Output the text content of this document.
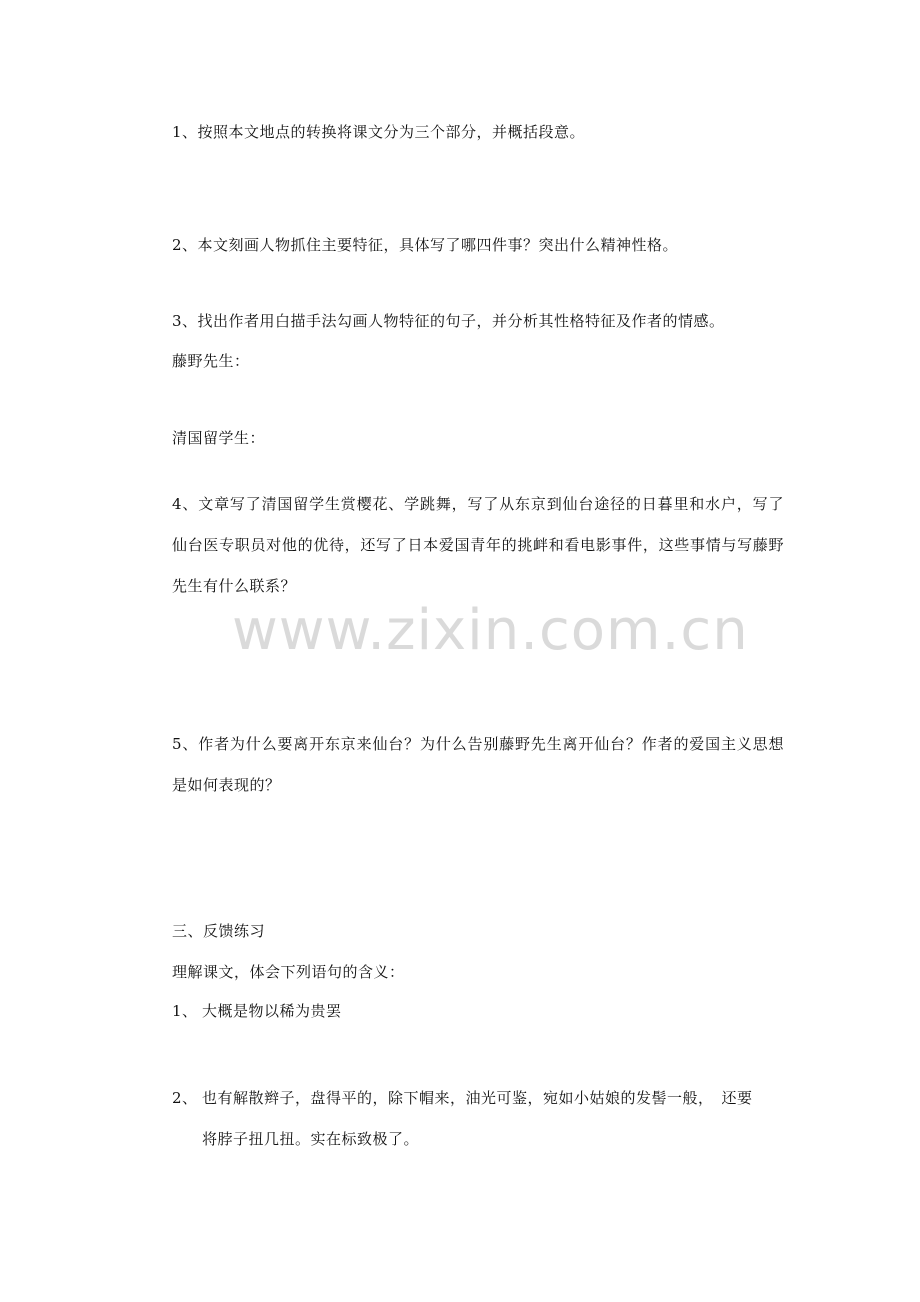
1、按照本文地点的转换将课文分为三个部分，并概括段意。
2、本文刻画人物抓住主要特征，具体写了哪四件事？突出什么精神性格。
3、找出作者用白描手法勾画人物特征的句子，并分析其性格特征及作者的情感。
藤野先生：
清国留学生：
4、文章写了清国留学生赏樱花、学跳舞，写了从东京到仙台途径的日暮里和水户，写了仙台医专职员对他的优待，还写了日本爱国青年的挑衅和看电影事件，这些事情与写藤野先生有什么联系？
www.zixin.com.cn
5、作者为什么要离开东京来仙台？为什么告别藤野先生离开仙台？作者的爱国主义思想是如何表现的？
三、反馈练习
理解课文，体会下列语句的含义：
1、 大概是物以稀为贵罢
2、 也有解散辫子，盘得平的，除下帽来，油光可鉴，宛如小姑娘的发髻一般，　还要
将脖子扭几扭。实在标致极了。
